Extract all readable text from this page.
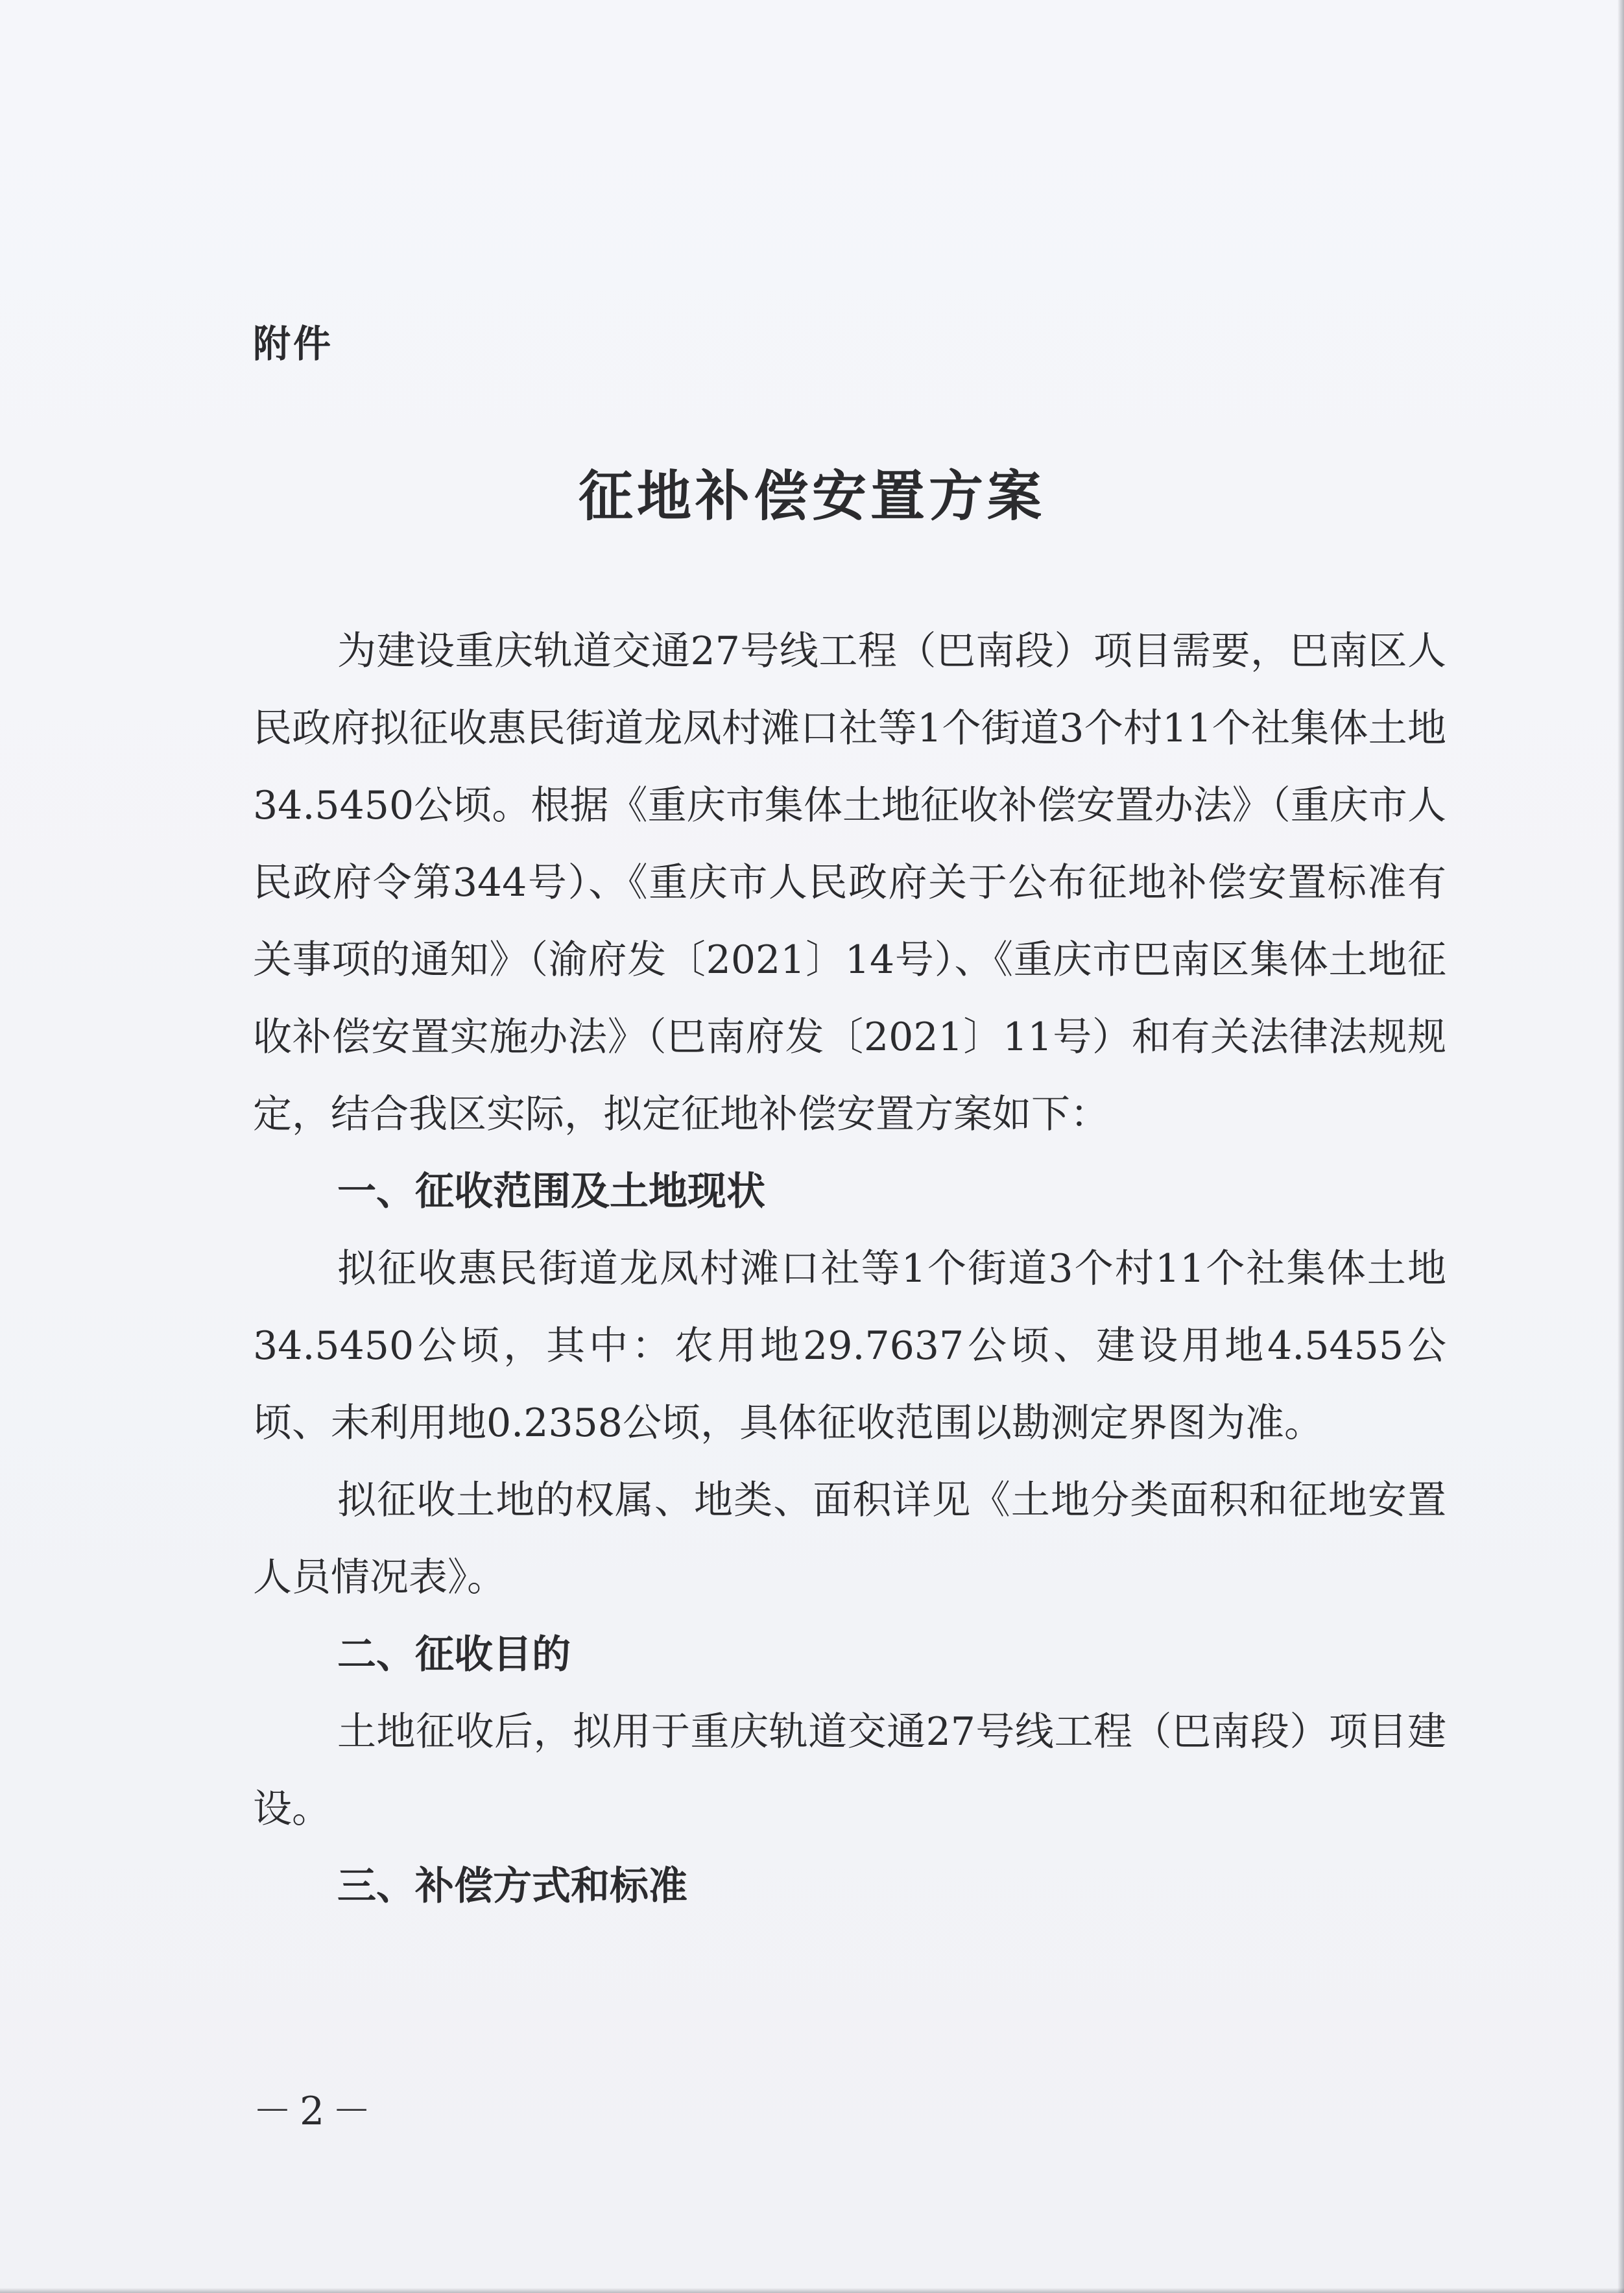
附件
征地补偿安置方案

为建设重庆轨道交通27号线工程（巴南段）项目需要，巴南区人民政府拟征收惠民街道龙凤村滩口社等1个街道3个村11个社集体土地34.5450公顷。根据《重庆市集体土地征收补偿安置办法》（重庆市人民政府令第344号）、《重庆市人民政府关于公布征地补偿安置标准有关事项的通知》（渝府发〔2021〕14号）、《重庆市巴南区集体土地征收补偿安置实施办法》（巴南府发〔2021〕11号）和有关法律法规规定，结合我区实际，拟定征地补偿安置方案如下：

一、征收范围及土地现状

拟征收惠民街道龙凤村滩口社等1个街道3个村11个社集体土地34.5450公顷，其中：农用地29.7637公顷、建设用地4.5455公顷、未利用地0.2358公顷，具体征收范围以勘测定界图为准。

拟征收土地的权属、地类、面积详见《土地分类面积和征地安置人员情况表》。

二、征收目的

土地征收后，拟用于重庆轨道交通27号线工程（巴南段）项目建设。

三、补偿方式和标准

－2－
